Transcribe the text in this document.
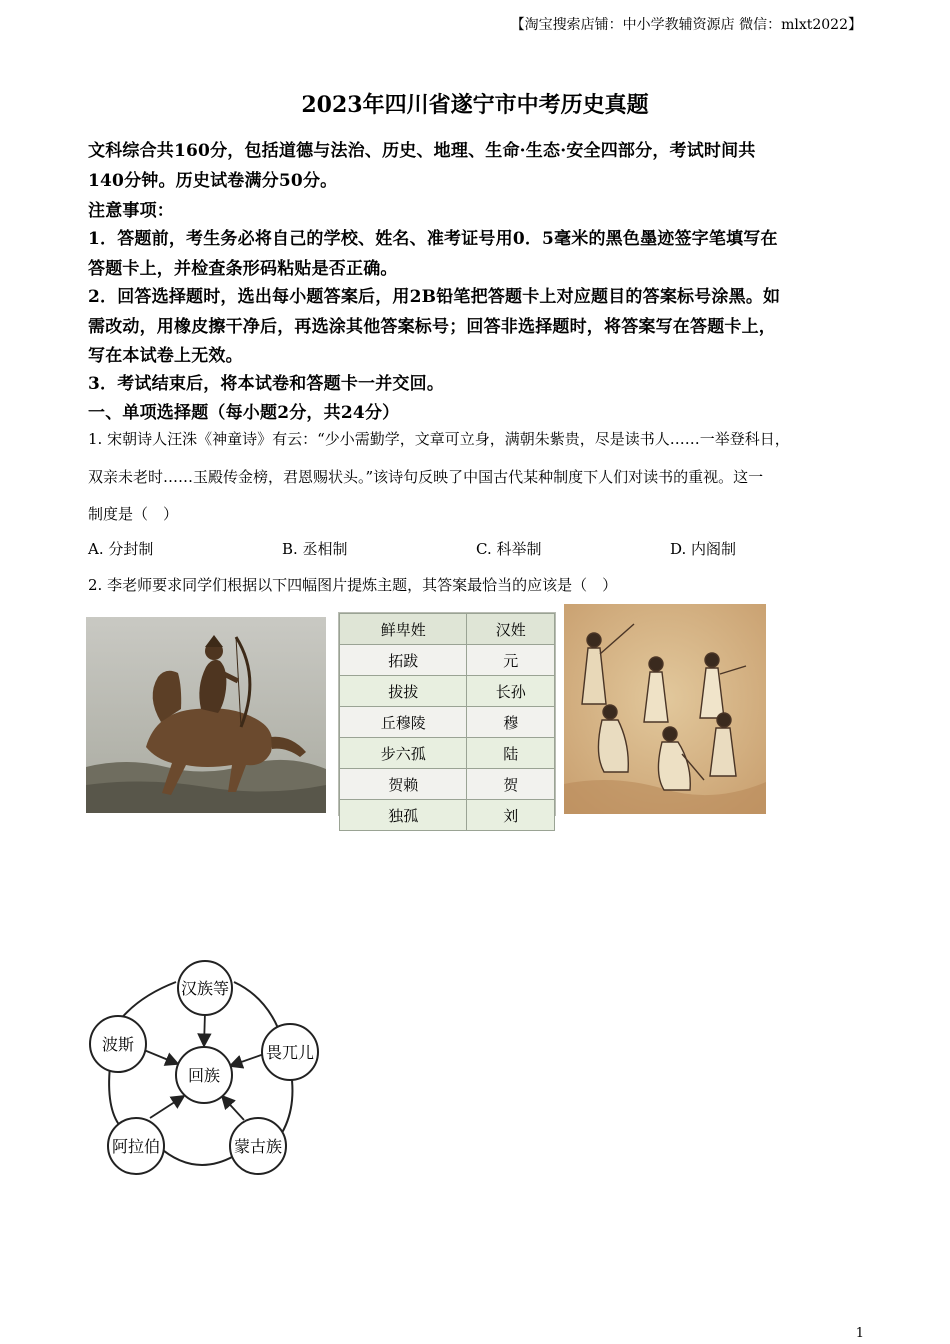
【淘宝搜索店铺：中小学教辅资源店 微信：mlxt2022】
2023年四川省遂宁市中考历史真题
文科综合共160分，包括道德与法治、历史、地理、生命·生态·安全四部分，考试时间共
140分钟。历史试卷满分50分。
注意事项：
1．答题前，考生务必将自己的学校、姓名、准考证号用0．5毫米的黑色墨迹签字笔填写在
答题卡上，并检查条形码粘贴是否正确。
2．回答选择题时，选出每小题答案后，用2B铅笔把答题卡上对应题目的答案标号涂黑。如
需改动，用橡皮擦干净后，再选涂其他答案标号；回答非选择题时，将答案写在答题卡上，
写在本试卷上无效。
3．考试结束后，将本试卷和答题卡一并交回。
一、单项选择题（每小题2分，共24分）
1. 宋朝诗人汪洙《神童诗》有云：“少小需勤学，文章可立身，满朝朱紫贵，尽是读书人……一举登科日，
双亲未老时……玉殿传金榜，君恩赐状头。”该诗句反映了中国古代某种制度下人们对读书的重视。这一
制度是（　）
A. 分封制	B. 丞相制	C. 科举制	D. 内阁制
2. 李老师要求同学们根据以下四幅图片提炼主题，其答案最恰当的应该是（　）
鲜卑姓	汉姓
拓跋	元
拔拔	长孙
丘穆陵	穆
步六孤	陆
贺赖	贺
独孤	刘
汉族等
回族
畏兀儿
蒙古族
阿拉伯
波斯
1
